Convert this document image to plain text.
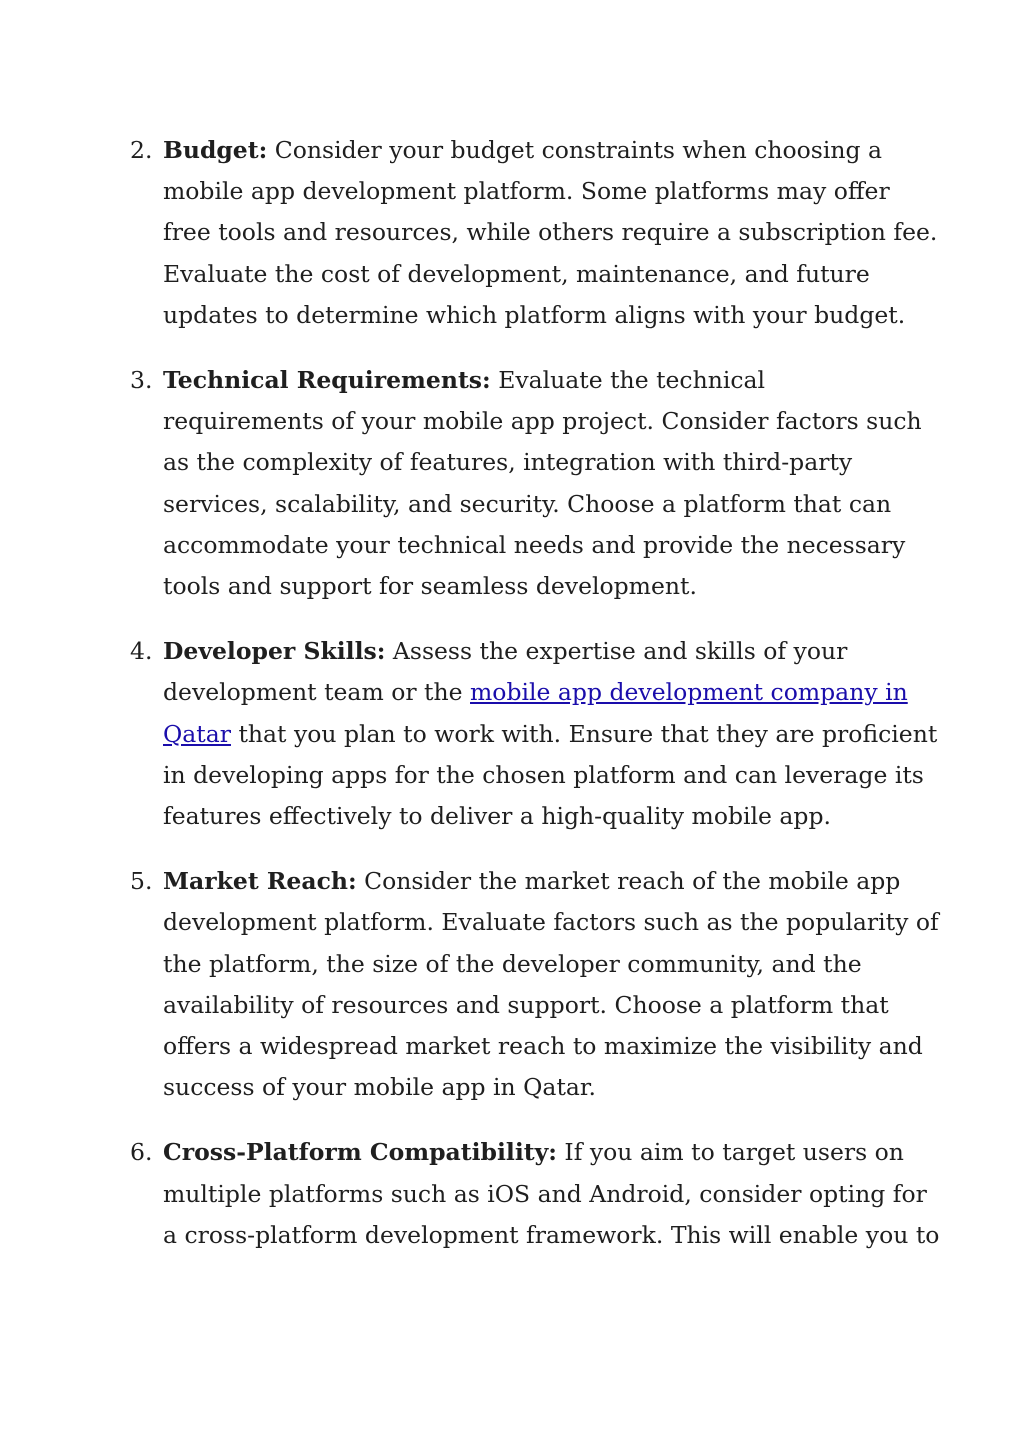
2. Budget: Consider your budget constraints when choosing a
mobile app development platform. Some platforms may offer
free tools and resources, while others require a subscription fee.
Evaluate the cost of development, maintenance, and future
updates to determine which platform aligns with your budget.
3. Technical Requirements: Evaluate the technical
requirements of your mobile app project. Consider factors such
as the complexity of features, integration with third-party
services, scalability, and security. Choose a platform that can
accommodate your technical needs and provide the necessary
tools and support for seamless development.
4. Developer Skills: Assess the expertise and skills of your
development team or the mobile app development company in
Qatar that you plan to work with. Ensure that they are proficient
in developing apps for the chosen platform and can leverage its
features effectively to deliver a high-quality mobile app.
5. Market Reach: Consider the market reach of the mobile app
development platform. Evaluate factors such as the popularity of
the platform, the size of the developer community, and the
availability of resources and support. Choose a platform that
offers a widespread market reach to maximize the visibility and
success of your mobile app in Qatar.
6. Cross-Platform Compatibility: If you aim to target users on
multiple platforms such as iOS and Android, consider opting for
a cross-platform development framework. This will enable you to
